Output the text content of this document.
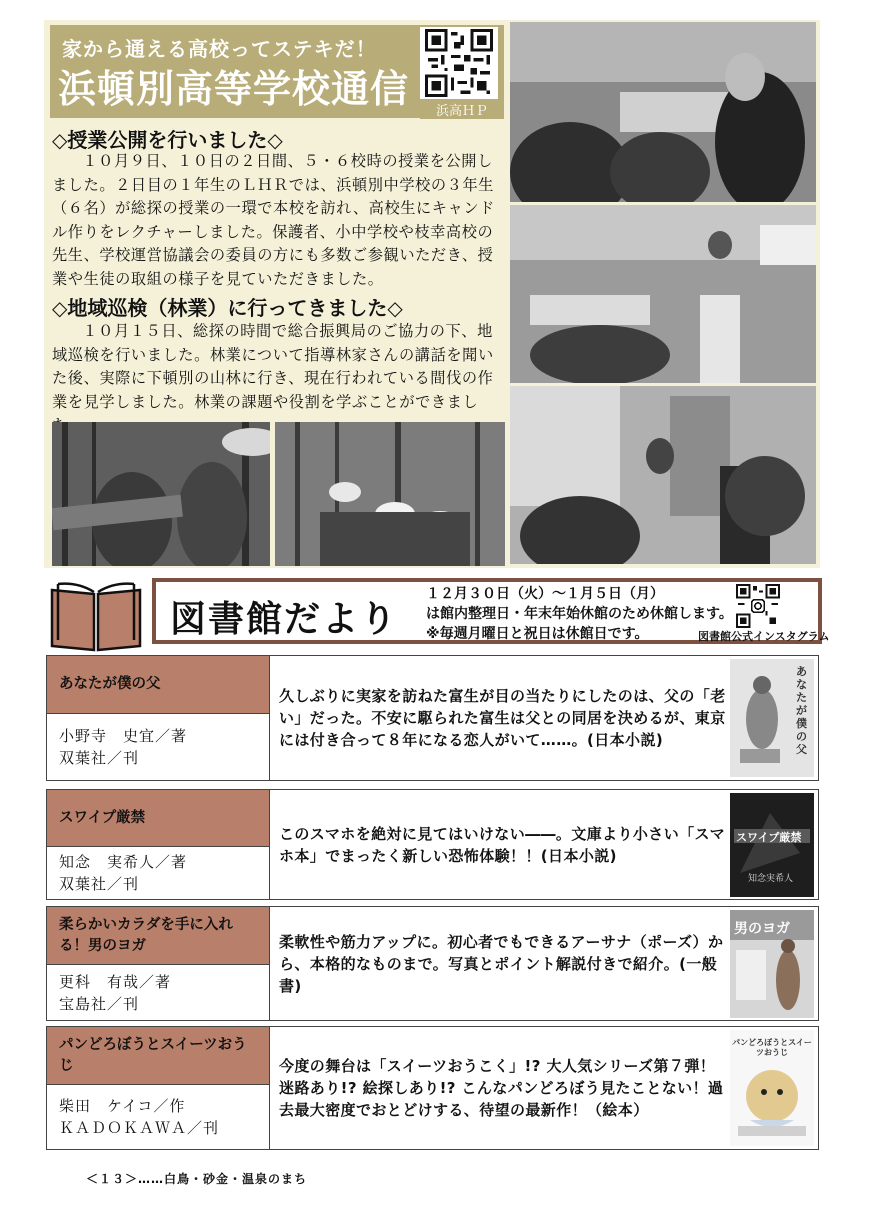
家から通える高校ってステキだ！
浜頓別高等学校通信
浜高ＨＰ
◇授業公開を行いました◇
１０月９日、１０日の２日間、５・６校時の授業を公開しました。２日目の１年生のＬＨＲでは、浜頓別中学校の３年生（６名）が総探の授業の一環で本校を訪れ、高校生にキャンドル作りをレクチャーしました。保護者、小中学校や枝幸高校の先生、学校運営協議会の委員の方にも多数ご参観いただき、授業や生徒の取組の様子を見ていただきました。
◇地域巡検（林業）に行ってきました◇
１０月１５日、総探の時間で総合振興局のご協力の下、地域巡検を行いました。林業について指導林家さんの講話を聞いた後、実際に下頓別の山林に行き、現在行われている間伐の作業を見学しました。林業の課題や役割を学ぶことができまし
図書館だより
１２月３０日（火）～１月５日（月）
は館内整理日・年末年始休館のため休館します。
※毎週月曜日と祝日は休館日です。	図書館公式インスタグラム
あなたが僕の父
小野寺　史宜／著
双葉社／刊
久しぶりに実家を訪ねた富生が目の当たりにしたのは、父の「老い」だった。不安に駆られた富生は父との同居を決めるが、東京には付き合って８年になる恋人がいて……。(日本小説)
あなたが僕の父
スワイプ厳禁
知念　実希人／著
双葉社／刊
このスマホを絶対に見てはいけない――。文庫より小さい「スマホ本」でまったく新しい恐怖体験！！(日本小説)
スワイプ厳禁
知念実希人
柔らかいカラダを手に入れる！男のヨガ
更科　有哉／著
宝島社／刊
柔軟性や筋力アップに。初心者でもできるアーサナ（ポーズ）から、本格的なものまで。写真とポイント解説付きで紹介。(一般書)
男のヨガ
パンどろぼうとスイーツおうじ
柴田　ケイコ／作
ＫＡＤＯＫＡＷＡ／刊
今度の舞台は「スイーツおうこく」!? 大人気シリーズ第７弾！迷路あり!? 絵探しあり!? こんなパンどろぼう見たことない！過去最大密度でおとどけする、待望の最新作！（絵本）
パンどろぼうとスイーツおうじ
＜１３＞……白鳥・砂金・温泉のまち
